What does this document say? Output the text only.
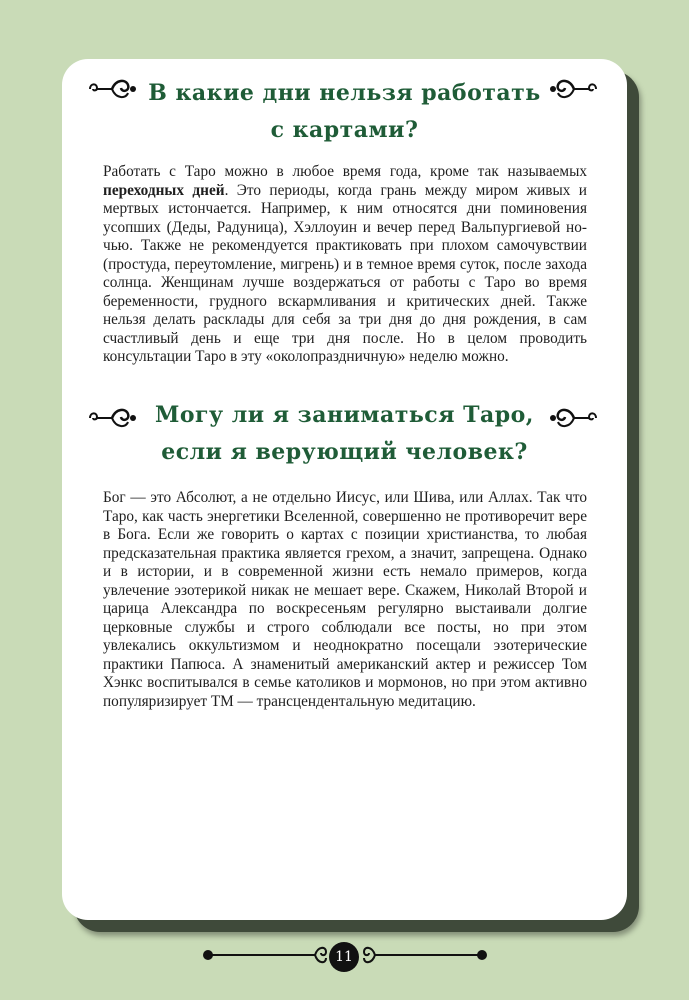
В какие дни нельзя работать
с картами?
Работать с Таро можно в любое время года, кроме так называемых переходных дней. Это периоды, когда грань между миром живых и мертвых истончается. Например, к ним относятся дни поминовения усопших (Деды, Радуница), Хэллоуин и вечер перед Вальпургиевой ночью. Также не рекомендуется практиковать при плохом самочувствии (простуда, переутомление, мигрень) и в темное время суток, после захода солнца. Женщинам лучше воздержаться от работы с Таро во время беременности, грудного вскармливания и критических дней. Также нельзя делать расклады для себя за три дня до дня рождения, в сам счастливый день и еще три дня после. Но в целом проводить консультации Таро в эту «околопраздничную» неделю можно.
Могу ли я заниматься Таро,
если я верующий человек?
Бог — это Абсолют, а не отдельно Иисус, или Шива, или Аллах. Так что Таро, как часть энергетики Вселенной, совершенно не противоречит вере в Бога. Если же говорить о картах с позиции христианства, то любая предсказательная практика является грехом, а значит, запрещена. Однако и в истории, и в современной жизни есть немало примеров, когда увлечение эзотерикой никак не мешает вере. Скажем, Николай Второй и царица Александра по воскресеньям регулярно выстаивали долгие церковные службы и строго соблюдали все посты, но при этом увлекались оккультизмом и неоднократно посещали эзотерические практики Папюса. А знаменитый американский актер и режиссер Том Хэнкс воспитывался в семье католиков и мормонов, но при этом активно популяризирует ТМ — трансцендентальную медитацию.
11
